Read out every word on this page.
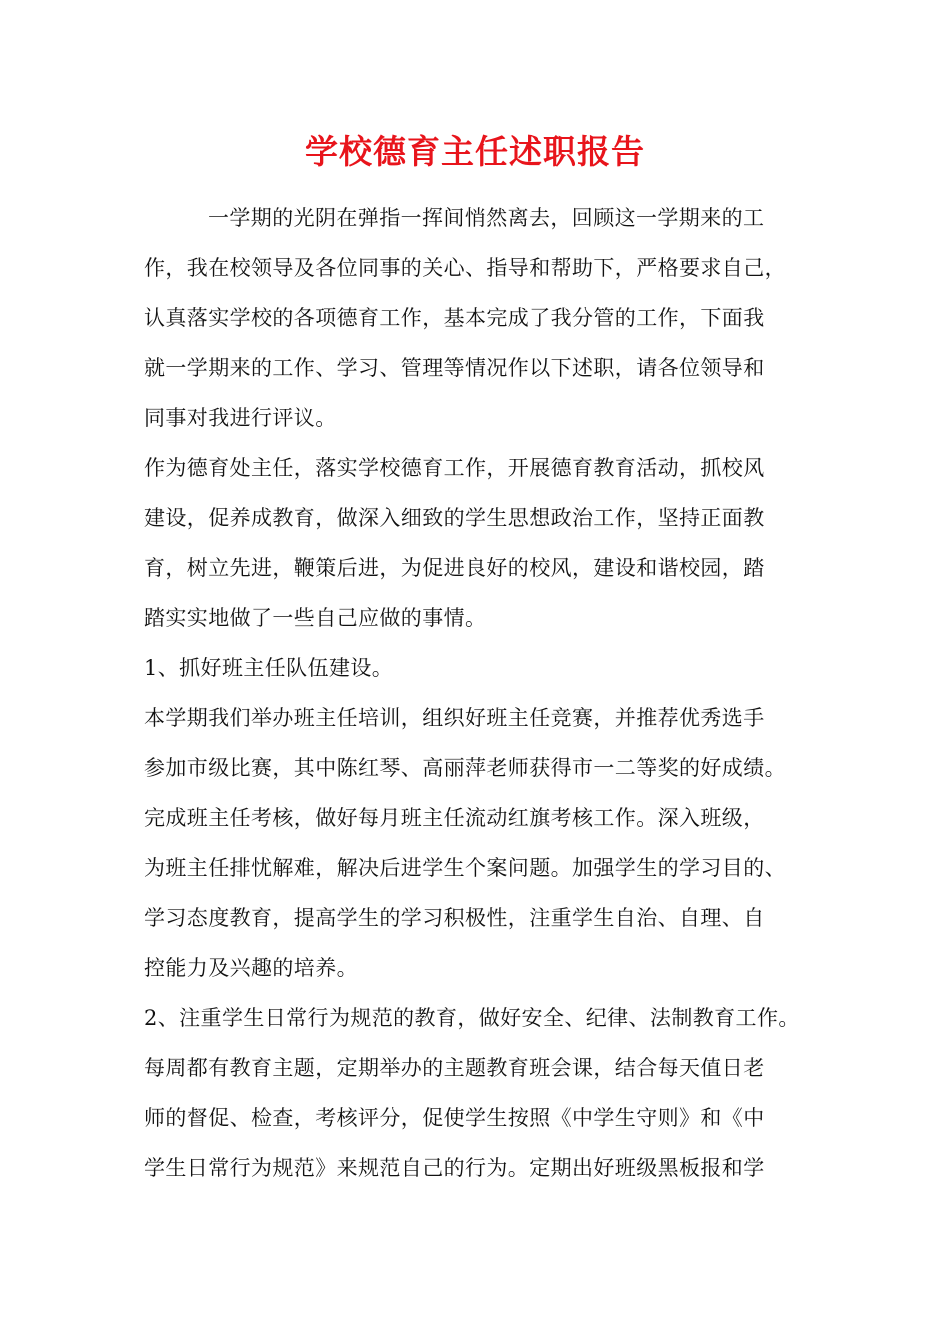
学校德育主任述职报告

一学期的光阴在弹指一挥间悄然离去，回顾这一学期来的工
作，我在校领导及各位同事的关心、指导和帮助下，严格要求自己，
认真落实学校的各项德育工作，基本完成了我分管的工作，下面我
就一学期来的工作、学习、管理等情况作以下述职，请各位领导和
同事对我进行评议。

作为德育处主任，落实学校德育工作，开展德育教育活动，抓校风
建设，促养成教育，做深入细致的学生思想政治工作，坚持正面教
育，树立先进，鞭策后进，为促进良好的校风，建设和谐校园，踏
踏实实地做了一些自己应做的事情。

1、抓好班主任队伍建设。

本学期我们举办班主任培训，组织好班主任竞赛，并推荐优秀选手
参加市级比赛，其中陈红琴、高丽萍老师获得市一二等奖的好成绩。
完成班主任考核，做好每月班主任流动红旗考核工作。深入班级，
为班主任排忧解难，解决后进学生个案问题。加强学生的学习目的、
学习态度教育，提高学生的学习积极性，注重学生自治、自理、自
控能力及兴趣的培养。

2、注重学生日常行为规范的教育，做好安全、纪律、法制教育工作。

每周都有教育主题，定期举办的主题教育班会课，结合每天值日老
师的督促、检查，考核评分，促使学生按照《中学生守则》和《中
学生日常行为规范》来规范自己的行为。定期出好班级黑板报和学
